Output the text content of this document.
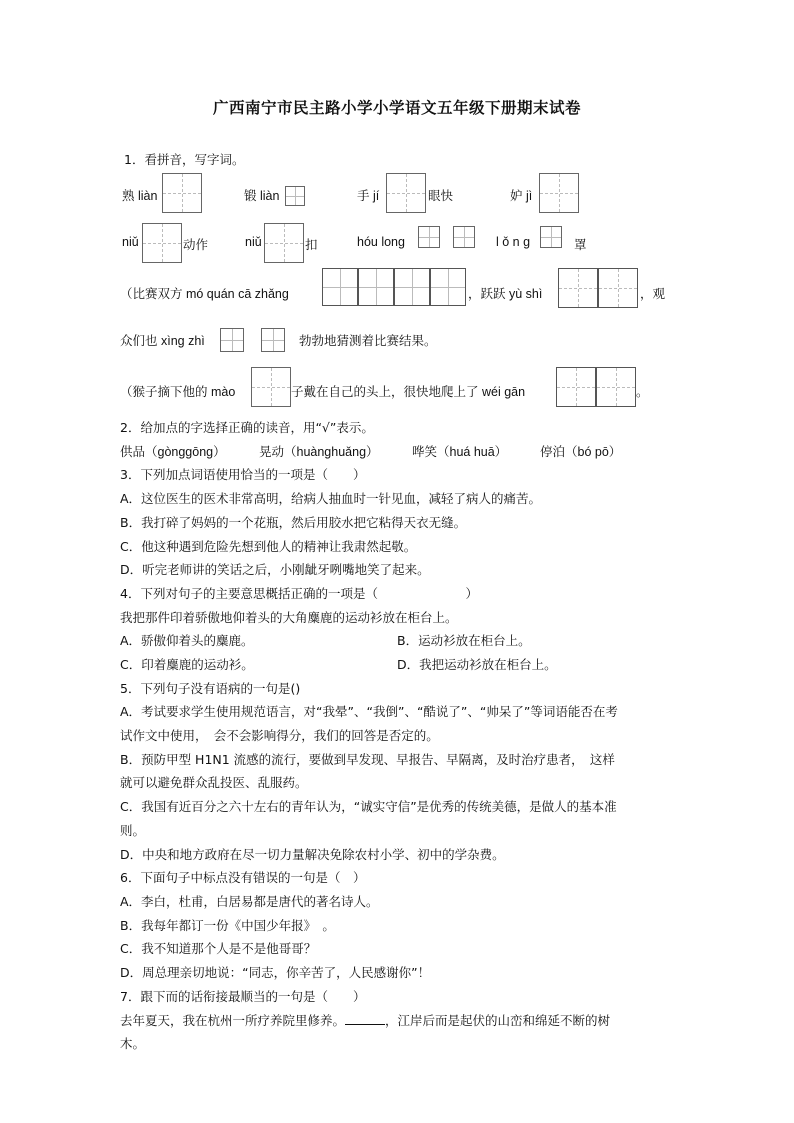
广西南宁市民主路小学小学语文五年级下册期末试卷
1．看拼音，写字词。
熟 liàn	锻 liàn	手 jí	眼快	妒 jì
niǔ	动作	niǔ	扣	hóu long	l ǒ n g	罩
（比赛双方 mó quán cā zhǎng	，跃跃 yù shì	，观
众们也 xìng zhì	勃勃地猜测着比赛结果。
（猴子摘下他的 mào	子戴在自己的头上，很快地爬上了 wéi gān	。
2．给加点的字选择正确的读音，用“√”表示。
供品（gònggōng）	晃动（huànghuǎng）	哗笑（huá huā）	停泊（bó pō）
3．下列加点词语使用恰当的一项是（　　）
A．这位医生的医术非常高明，给病人抽血时一针见血，减轻了病人的痛苦。
B．我打碎了妈妈的一个花瓶，然后用胶水把它粘得天衣无缝。
C．他这种遇到危险先想到他人的精神让我肃然起敬。
D．听完老师讲的笑话之后，小刚龇牙咧嘴地笑了起来。
4．下列对句子的主要意思概括正确的一项是（　　　　　　　）
我把那件印着骄傲地仰着头的大角麋鹿的运动衫放在柜台上。
A．骄傲仰着头的麋鹿。	B．运动衫放在柜台上。
C．印着麋鹿的运动衫。	D．我把运动衫放在柜台上。
5．下列句子没有语病的一句是()
A．考试要求学生使用规范语言，对“我晕”、“我倒”、“酷说了”、“帅呆了”等词语能否在考
试作文中使用，　会不会影响得分，我们的回答是否定的。
B．预防甲型 H1N1 流感的流行，要做到早发现、早报告、早隔离，及时治疗患者，　这样
就可以避免群众乱投医、乱服药。
C．我国有近百分之六十左右的青年认为，“诚实守信”是优秀的传统美德，是做人的基本准
则。
D．中央和地方政府在尽一切力量解决免除农村小学、初中的学杂费。
6．下面句子中标点没有错误的一句是（　）
A．李白，杜甫，白居易都是唐代的著名诗人。
B．我每年都订一份《中国少年报》　。
C．我不知道那个人是不是他哥哥？
D．周总理亲切地说：“同志，你辛苦了，人民感谢你”！
7．跟下而的话衔接最顺当的一句是（　　）
去年夏天，我在杭州一所疗养院里修养。	，江岸后而是起伏的山峦和绵延不断的树
木。
